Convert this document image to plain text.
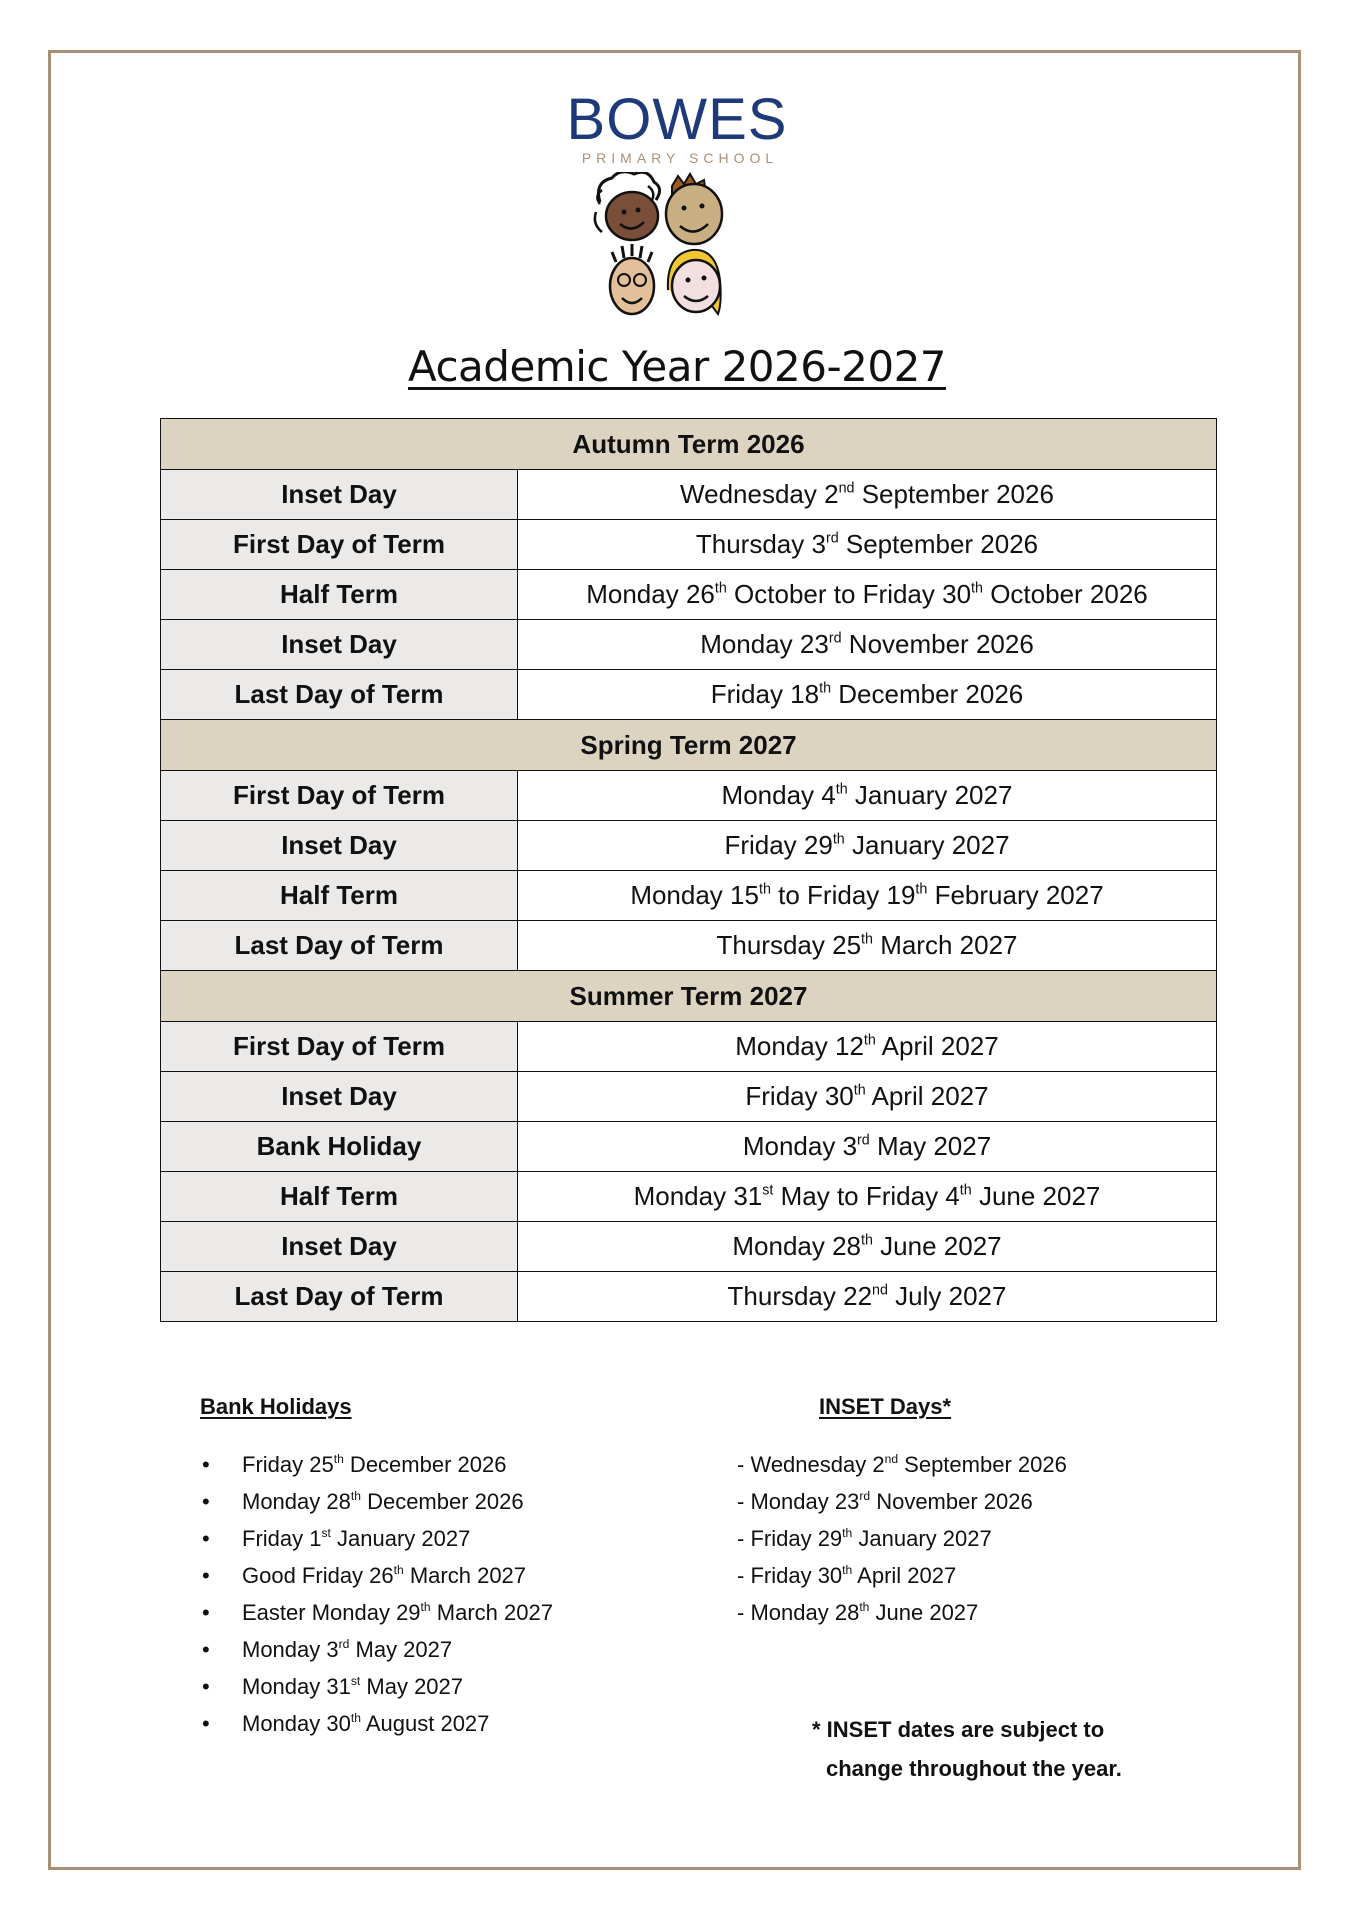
BOWES
PRIMARY SCHOOL
Academic Year 2026-2027
Autumn Term 2026	
Inset Day	Wednesday 2nd September 2026
First Day of Term	Thursday 3rd September 2026
Half Term	Monday 26th October to Friday 30th October 2026
Inset Day	Monday 23rd November 2026
Last Day of Term	Friday 18th December 2026
Spring Term 2027	
First Day of Term	Monday 4th January 2027
Inset Day	Friday 29th January 2027
Half Term	Monday 15th to Friday 19th February 2027
Last Day of Term	Thursday 25th March 2027
Summer Term 2027	
First Day of Term	Monday 12th April 2027
Inset Day	Friday 30th April 2027
Bank Holiday	Monday 3rd May 2027
Half Term	Monday 31st May to Friday 4th June 2027
Inset Day	Monday 28th June 2027
Last Day of Term	Thursday 22nd July 2027
Bank Holidays	INSET Days*
• Friday 25th December 2026
• Monday 28th December 2026
• Friday 1st January 2027
• Good Friday 26th March 2027
• Easter Monday 29th March 2027
• Monday 3rd May 2027
• Monday 31st May 2027
• Monday 30th August 2027
- Wednesday 2nd September 2026
- Monday 23rd November 2026
- Friday 29th January 2027
- Friday 30th April 2027
- Monday 28th June 2027
* INSET dates are subject to
change throughout the year.
